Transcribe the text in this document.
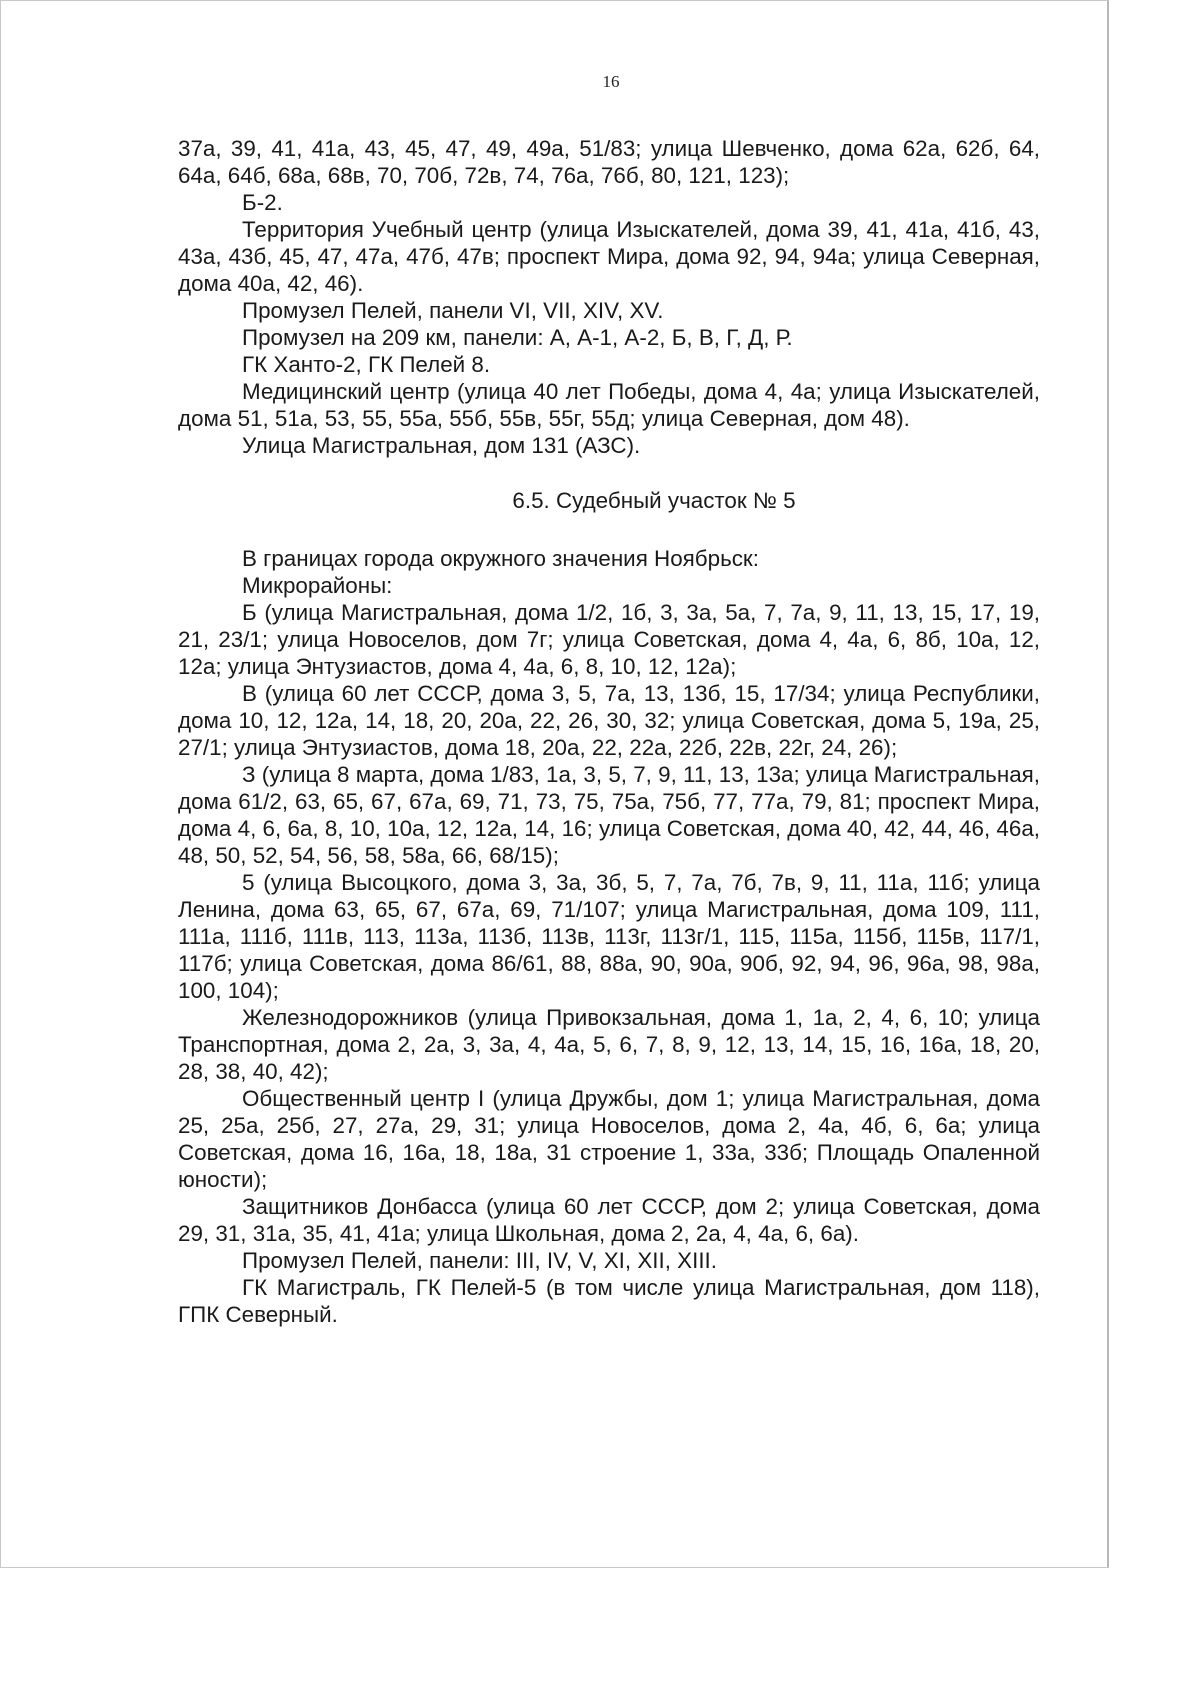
16

37а, 39, 41, 41а, 43, 45, 47, 49, 49а, 51/83; улица Шевченко, дома 62а, 62б, 64, 64а, 64б, 68а, 68в, 70, 70б, 72в, 74, 76а, 76б, 80, 121, 123);

Б-2.

Территория Учебный центр (улица Изыскателей, дома 39, 41, 41а, 41б, 43, 43а, 43б, 45, 47, 47а, 47б, 47в; проспект Мира, дома 92, 94, 94а; улица Северная, дома 40а, 42, 46).

Промузел Пелей, панели VI, VII, XIV, XV.

Промузел на 209 км, панели: А, А-1, А-2, Б, В, Г, Д, Р.

ГК Ханто-2, ГК Пелей 8.

Медицинский центр (улица 40 лет Победы, дома 4, 4а; улица Изыскателей, дома 51, 51а, 53, 55, 55а, 55б, 55в, 55г, 55д; улица Северная, дом 48).

Улица Магистральная, дом 131 (АЗС).

6.5. Судебный участок № 5

В границах города окружного значения Ноябрьск:

Микрорайоны:

Б (улица Магистральная, дома 1/2, 1б, 3, 3а, 5а, 7, 7а, 9, 11, 13, 15, 17, 19, 21, 23/1; улица Новоселов, дом 7г; улица Советская, дома 4, 4а, 6, 8б, 10а, 12, 12а; улица Энтузиастов, дома 4, 4а, 6, 8, 10, 12, 12а);

В (улица 60 лет СССР, дома 3, 5, 7а, 13, 13б, 15, 17/34; улица Республики, дома 10, 12, 12а, 14, 18, 20, 20а, 22, 26, 30, 32; улица Советская, дома 5, 19а, 25, 27/1; улица Энтузиастов, дома 18, 20а, 22, 22а, 22б, 22в, 22г, 24, 26);

З (улица 8 марта, дома 1/83, 1а, 3, 5, 7, 9, 11, 13, 13а; улица Магистральная, дома 61/2, 63, 65, 67, 67а, 69, 71, 73, 75, 75а, 75б, 77, 77а, 79, 81; проспект Мира, дома 4, 6, 6а, 8, 10, 10а, 12, 12а, 14, 16; улица Советская, дома 40, 42, 44, 46, 46а, 48, 50, 52, 54, 56, 58, 58а, 66, 68/15);

5 (улица Высоцкого, дома 3, 3а, 3б, 5, 7, 7а, 7б, 7в, 9, 11, 11а, 11б; улица Ленина, дома 63, 65, 67, 67а, 69, 71/107; улица Магистральная, дома 109, 111, 111а, 111б, 111в, 113, 113а, 113б, 113в, 113г, 113г/1, 115, 115а, 115б, 115в, 117/1, 117б; улица Советская, дома 86/61, 88, 88а, 90, 90а, 90б, 92, 94, 96, 96а, 98, 98а, 100, 104);

Железнодорожников (улица Привокзальная, дома 1, 1а, 2, 4, 6, 10; улица Транспортная, дома 2, 2а, 3, 3а, 4, 4а, 5, 6, 7, 8, 9, 12, 13, 14, 15, 16, 16а, 18, 20, 28, 38, 40, 42);

Общественный центр I (улица Дружбы, дом 1; улица Магистральная, дома 25, 25а, 25б, 27, 27а, 29, 31; улица Новоселов, дома 2, 4а, 4б, 6, 6а; улица Советская, дома 16, 16а, 18, 18а, 31 строение 1, 33а, 33б; Площадь Опаленной юности);

Защитников Донбасса (улица 60 лет СССР, дом 2; улица Советская, дома 29, 31, 31а, 35, 41, 41а; улица Школьная, дома 2, 2а, 4, 4а, 6, 6а).

Промузел Пелей, панели: III, IV, V, XI, XII, XIII.

ГК Магистраль, ГК Пелей-5 (в том числе улица Магистральная, дом 118), ГПК Северный.
